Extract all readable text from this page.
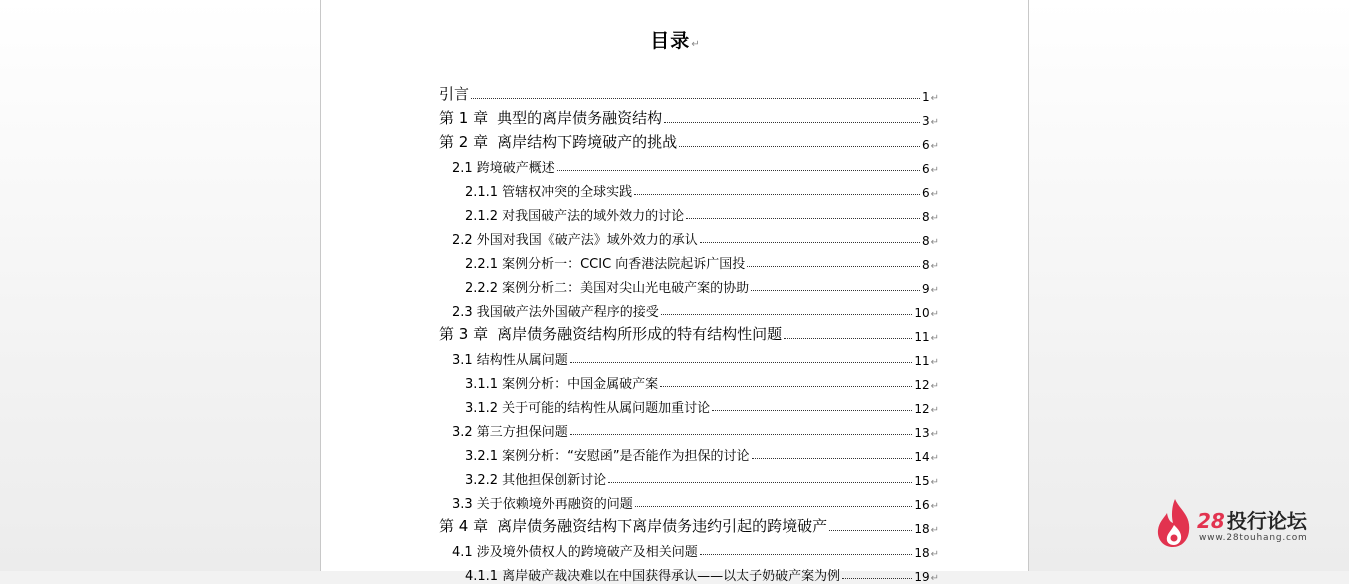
目录↵
引言	1 ↵
第 1 章 典型的离岸债务融资结构	3 ↵
第 2 章 离岸结构下跨境破产的挑战	6 ↵
2.1 跨境破产概述	6 ↵
2.1.1 管辖权冲突的全球实践	6 ↵
2.1.2 对我国破产法的域外效力的讨论	8 ↵
2.2 外国对我国《破产法》域外效力的承认	8 ↵
2.2.1 案例分析一：CCIC 向香港法院起诉广国投	8 ↵
2.2.2 案例分析二：美国对尖山光电破产案的协助	9 ↵
2.3 我国破产法外国破产程序的接受	10 ↵
第 3 章 离岸债务融资结构所形成的特有结构性问题	11 ↵
3.1 结构性从属问题	11 ↵
3.1.1 案例分析：中国金属破产案	12 ↵
3.1.2 关于可能的结构性从属问题加重讨论	12 ↵
3.2 第三方担保问题	13 ↵
3.2.1 案例分析：“安慰函”是否能作为担保的讨论	14 ↵
3.2.2 其他担保创新讨论	15 ↵
3.3 关于依赖境外再融资的问题	16 ↵
第 4 章 离岸债务融资结构下离岸债务违约引起的跨境破产	18 ↵
4.1 涉及境外债权人的跨境破产及相关问题	18 ↵
4.1.1 离岸破产裁决难以在中国获得承认——以太子奶破产案为例	19 ↵
28 投行论坛
www.28touhang.com
